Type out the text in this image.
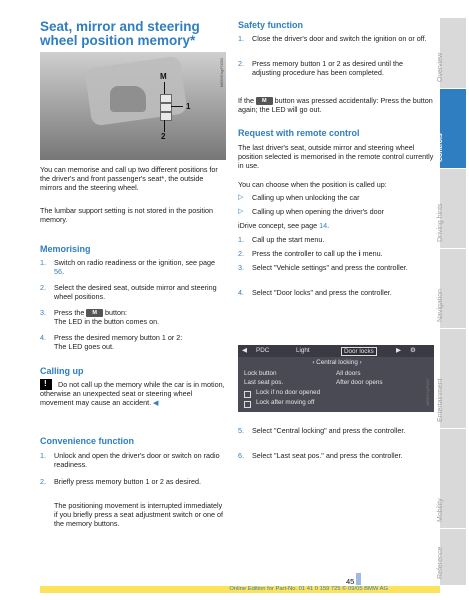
Seat, mirror and steering wheel position memory*
M
1
2
M650/Eng/F0050
You can memorise and call up two different positions for the driver's and front passenger's seat*, the outside mirrors and the steering wheel.
The lumbar support setting is not stored in the position memory.
Memorising
1. Switch on radio readiness or the ignition, see page 56.
2. Select the desired seat, outside mirror and steering wheel positions.
3. Press the M button:
The LED in the button comes on.
4. Press the desired memory button 1 or 2:
The LED goes out.
Calling up
!
Do not call up the memory while the car is in motion, otherwise an unexpected seat or steering wheel movement may cause an accident. ◀
Convenience function
1. Unlock and open the driver's door or switch on radio readiness.
2. Briefly press memory button 1 or 2 as desired.
The positioning movement is interrupted immediately if you briefly press a seat adjustment switch or one of the memory buttons.
Safety function
1. Close the driver's door and switch the ignition on or off.
2. Press memory button 1 or 2 as desired until the adjusting procedure has been completed.
If the M button was pressed accidentally: Press the button again; the LED will go out.
Request with remote control
The last driver's seat, outside mirror and steering wheel position selected is memorised in the remote control currently in use.
You can choose when the position is called up:
▷ Calling up when unlocking the car
▷ Calling up when opening the driver's door
iDrive concept, see page 14.
1. Call up the start menu.
2. Press the controller to call up the i menu.
3. Select "Vehicle settings" and press the controller.
4. Select "Door locks" and press the controller.
◀ PDC	Light	Door locks	▶ ⚙
‹ Central locking ›
Lock button	All doors
Last seat pos.	After door opens
Lock if no door opened
Lock after moving off	M650/Eng/F0037
5. Select "Central locking" and press the controller.
6. Select "Last seat pos." and press the controller.
Overview
Controls
Driving hints
Navigation
Entertainment
Mobility
Reference
45
Online Edition for Part-No. 01 41 0 159 725 © 09/05 BMW AG
